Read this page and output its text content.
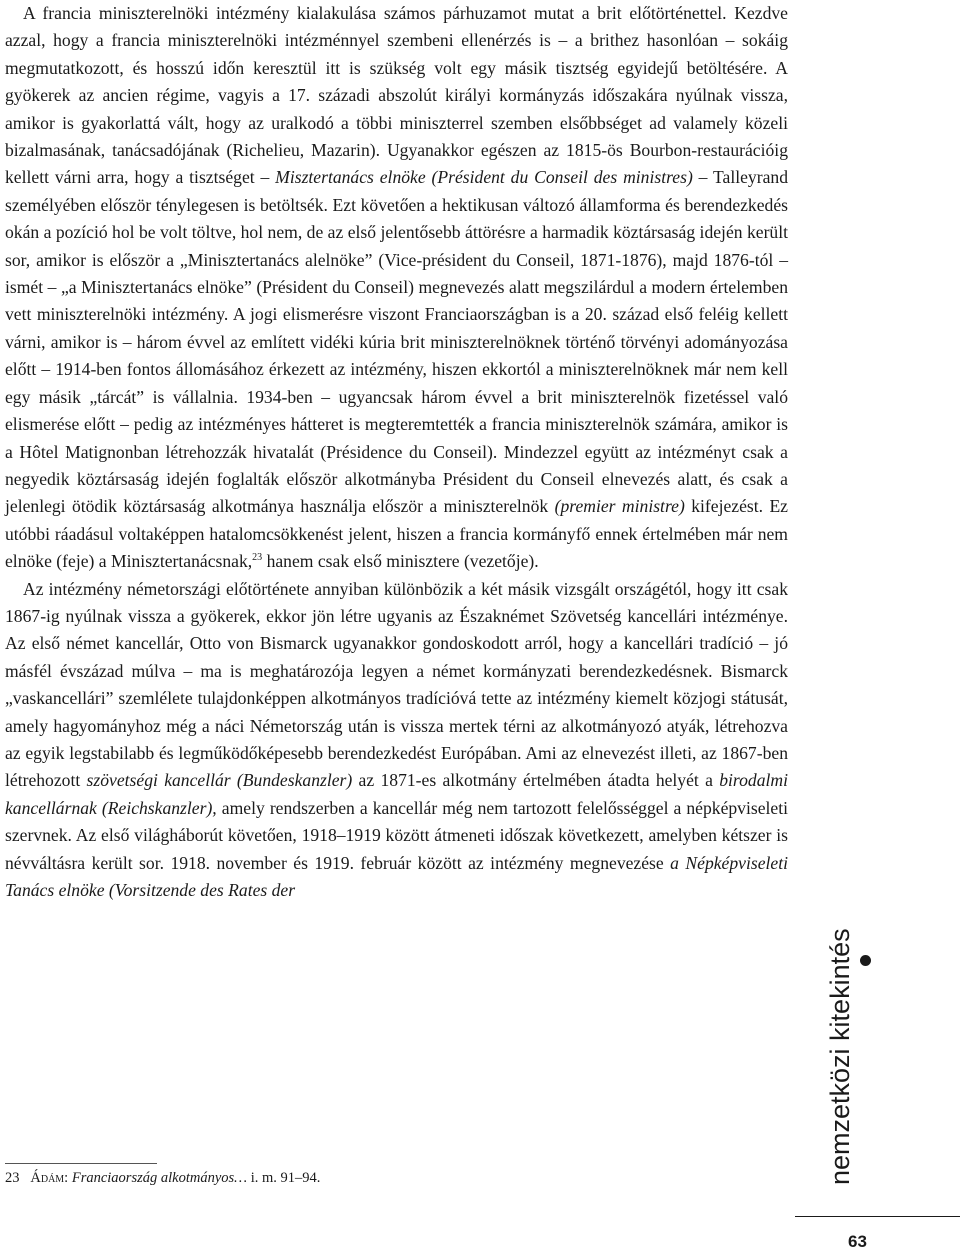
A francia miniszterelnöki intézmény kialakulása számos párhuzamot mutat a brit előtörténettel. Kezdve azzal, hogy a francia miniszterelnöki intézménnyel szembeni ellenérzés is – a brithez hasonlóan – sokáig megmutatkozott, és hosszú időn keresztül itt is szükség volt egy másik tisztség egyidejű betöltésére. A gyökerek az ancien régime, vagyis a 17. századi abszolút királyi kormányzás időszakára nyúlnak vissza, amikor is gyakorlattá vált, hogy az uralkodó a többi miniszterrel szemben elsőbbséget ad valamely közeli bizalmasának, tanácsadójának (Richelieu, Mazarin). Ugyanakkor egészen az 1815-ös Bourbon-restaurációig kellett várni arra, hogy a tisztséget – Misztertanács elnöke (Président du Conseil des ministres) – Talleyrand személyében először ténylegesen is betöltsék. Ezt követően a hektikusan változó államforma és berendezkedés okán a pozíció hol be volt töltve, hol nem, de az első jelentősebb áttörésre a harmadik köztársaság idején került sor, amikor is először a „Minisztertanács alelnöke” (Vice-président du Conseil, 1871-1876), majd 1876-tól – ismét – „a Minisztertanács elnöke” (Président du Conseil) megnevezés alatt megszilárdul a modern értelemben vett miniszterelnöki intézmény. A jogi elismerésre viszont Franciaországban is a 20. század első feléig kellett várni, amikor is – három évvel az említett vidéki kúria brit miniszterelnöknek történő törvényi adományozása előtt – 1914-ben fontos állomásához érkezett az intézmény, hiszen ekkortól a miniszterelnöknek már nem kell egy másik „tárcát” is vállalnia. 1934-ben – ugyancsak három évvel a brit miniszterelnök fizetéssel való elismerése előtt – pedig az intézményes hátteret is megteremtették a francia miniszterelnök számára, amikor is a Hôtel Matignonban létrehozzák hivatalát (Présidence du Conseil). Mindezzel együtt az intézményt csak a negyedik köztársaság idején foglalták először alkotmányba Président du Conseil elnevezés alatt, és csak a jelenlegi ötödik köztársaság alkotmánya használja először a miniszterelnök (premier ministre) kifejezést. Ez utóbbi ráadásul voltaképpen hatalomcsökkenést jelent, hiszen a francia kormányfő ennek értelmében már nem elnöke (feje) a Minisztertanácsnak,$^{23}$ hanem csak első minisztere (vezetője).

Az intézmény németországi előtörténete annyiban különbözik a két másik vizsgált országétól, hogy itt csak 1867-ig nyúlnak vissza a gyökerek, ekkor jön létre ugyanis az Északnémet Szövetség kancellári intézménye. Az első német kancellár, Otto von Bismarck ugyanakkor gondoskodott arról, hogy a kancellári tradíció – jó másfél évszázad múlva – ma is meghatározója legyen a német kormányzati berendezkedésnek. Bismarck „vaskancellári” szemlélete tulajdonképpen alkotmányos tradícióvá tette az intézmény kiemelt közjogi státusát, amely hagyományhoz még a náci Németország után is vissza mertek térni az alkotmányozó atyák, létrehozva az egyik legstabilabb és legműködőképesebb berendezkedést Európában. Ami az elnevezést illeti, az 1867-ben létrehozott szövetségi kancellár (Bundeskanzler) az 1871-es alkotmány értelmében átadta helyét a birodalmi kancellárnak (Reichskanzler), amely rendszerben a kancellár még nem tartozott felelősséggel a népképviseleti szervnek. Az első világháborút követően, 1918–1919 között átmeneti időszak következett, amelyben kétszer is névváltásra került sor. 1918. november és 1919. február között az intézmény megnevezése a Népképviseleti Tanács elnöke (Vorsitzende des Rates der

23 Ádám: Franciaország alkotmányos… i. m. 91–94.	nemzetközi kitekintés
63
